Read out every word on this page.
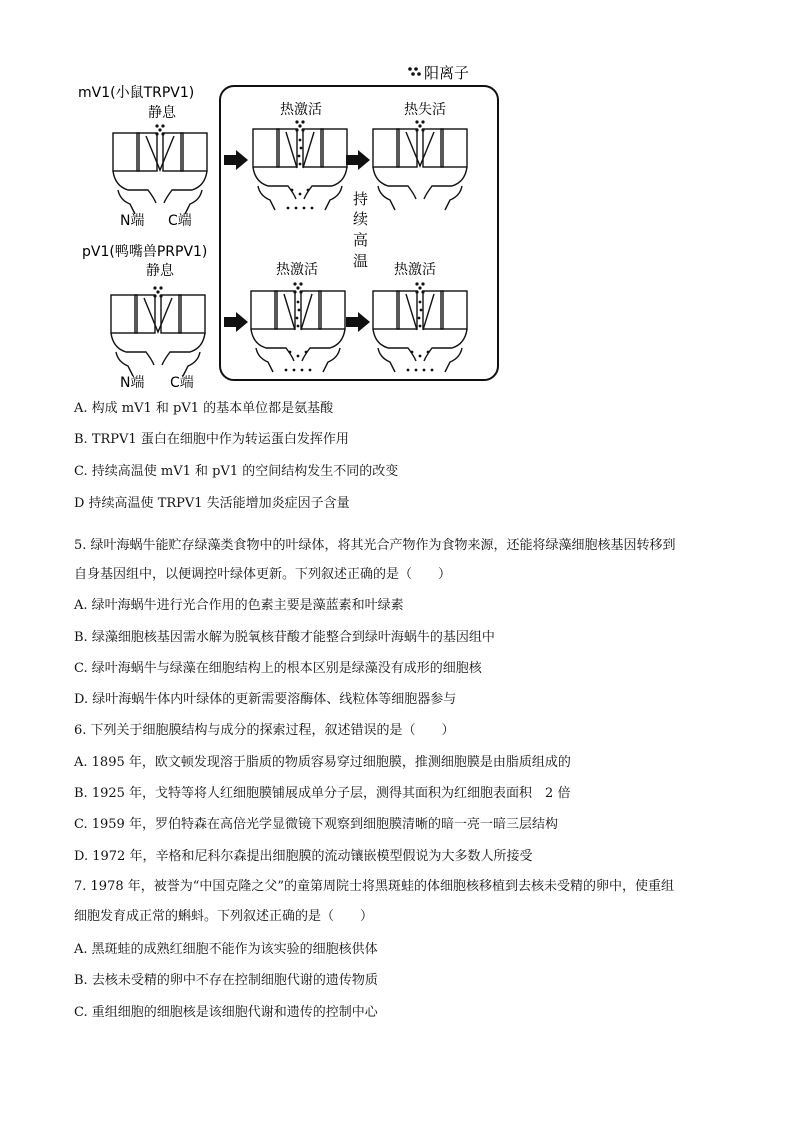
阳离子
mV1(小鼠TRPV1)
静息
N端 C端
热激活	热失活
持
续
高
温
pV1(鸭嘴兽PRPV1)
静息
N端 C端
热激活	热激活
A. 构成 mV1 和 pV1 的基本单位都是氨基酸
B. TRPV1 蛋白在细胞中作为转运蛋白发挥作用
C. 持续高温使 mV1 和 pV1 的空间结构发生不同的改变
D 持续高温使 TRPV1 失活能增加炎症因子含量
5. 绿叶海蜗牛能贮存绿藻类食物中的叶绿体，将其光合产物作为食物来源，还能将绿藻细胞核基因转移到
自身基因组中，以便调控叶绿体更新。下列叙述正确的是（　　）
A. 绿叶海蜗牛进行光合作用的色素主要是藻蓝素和叶绿素
B. 绿藻细胞核基因需水解为脱氧核苷酸才能整合到绿叶海蜗牛的基因组中
C. 绿叶海蜗牛与绿藻在细胞结构上的根本区别是绿藻没有成形的细胞核
D. 绿叶海蜗牛体内叶绿体的更新需要溶酶体、线粒体等细胞器参与
6. 下列关于细胞膜结构与成分的探索过程，叙述错误的是（　　）
A. 1895 年，欧文顿发现溶于脂质的物质容易穿过细胞膜，推测细胞膜是由脂质组成的
B. 1925 年，戈特等将人红细胞膜铺展成单分子层，测得其面积为红细胞表面积　2 倍
C. 1959 年，罗伯特森在高倍光学显微镜下观察到细胞膜清晰的暗一亮一暗三层结构
D. 1972 年，辛格和尼科尔森提出细胞膜的流动镶嵌模型假说为大多数人所接受
7. 1978 年，被誉为“中国克隆之父”的童第周院士将黑斑蛙的体细胞核移植到去核未受精的卵中，使重组
细胞发育成正常的蝌蚪。下列叙述正确的是（　　）
A. 黑斑蛙的成熟红细胞不能作为该实验的细胞核供体
B. 去核未受精的卵中不存在控制细胞代谢的遗传物质
C. 重组细胞的细胞核是该细胞代谢和遗传的控制中心
